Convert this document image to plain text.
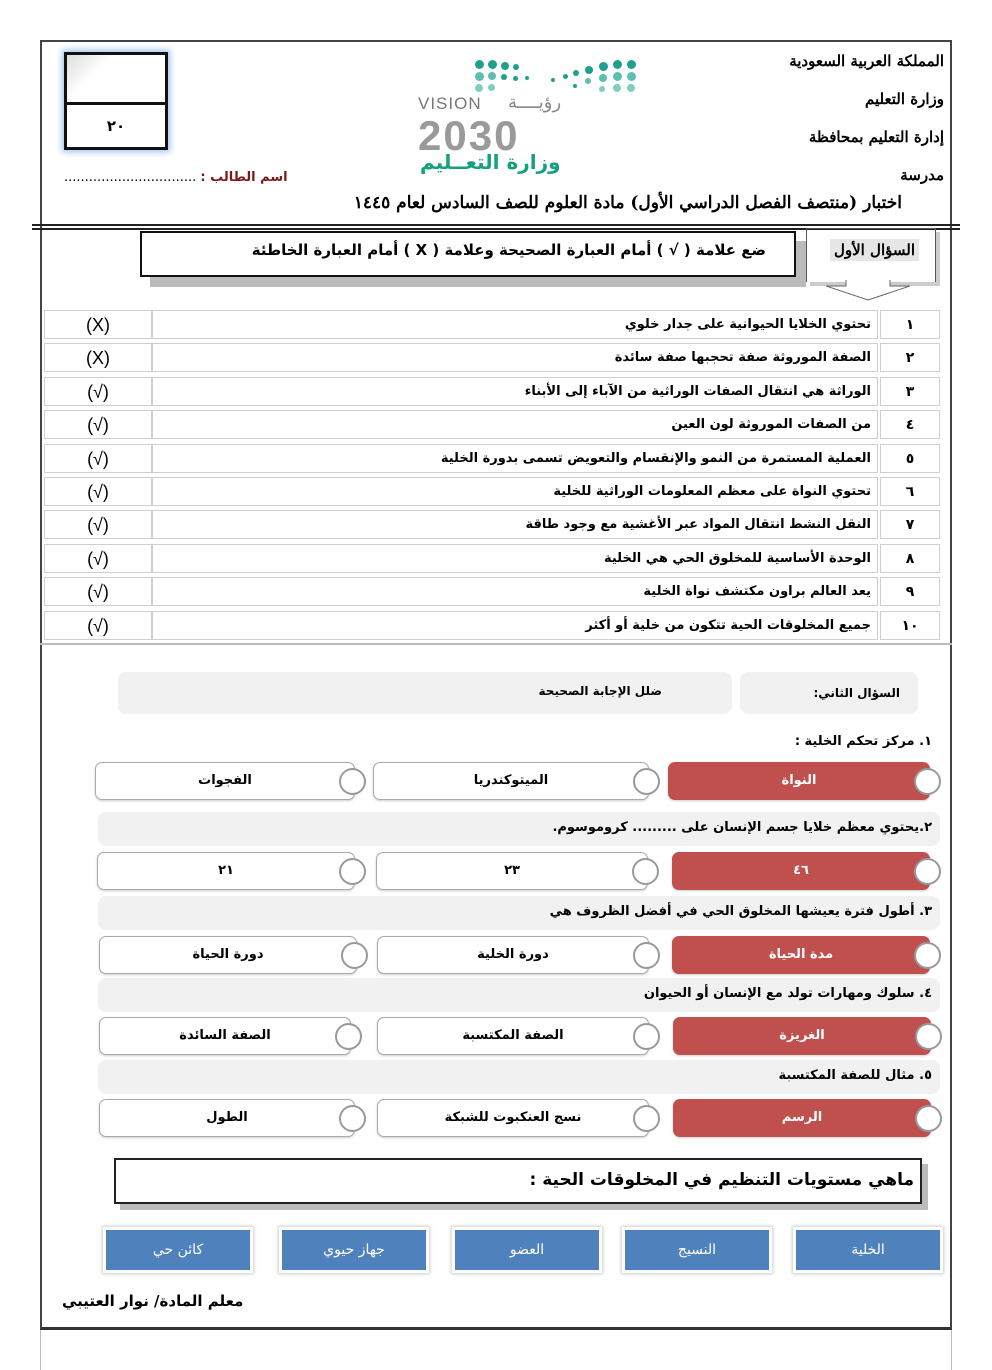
المملكة العربية السعودية
وزارة التعليم
إدارة التعليم بمحافظة
مدرسة
٢٠
VISION رؤيــــة
2030
وزارة التعــليم
اسم الطالب : ................................
اختبار (منتصف الفصل الدراسي الأول) مادة العلوم للصف السادس لعام ١٤٤٥
ضع علامة ( √ ) أمام العبارة الصحيحة وعلامة ( X ) أمام العبارة الخاطئة	السؤال الأول
(X)	تحتوي الخلايا الحيوانية على جدار خلوي	١
(X)	الصفة الموروثة صفة تحجبها صفة سائدة	٢
(√)	الوراثة هي انتقال الصفات الوراثية من الآباء إلى الأبناء	٣
(√)	من الصفات الموروثة لون العين	٤
(√)	العملية المستمرة من النمو والإنقسام والتعويض تسمى بدورة الخلية	٥
(√)	تحتوي النواة على معظم المعلومات الوراثية للخلية	٦
(√)	النقل النشط انتقال المواد عبر الأغشية مع وجود طاقة	٧
(√)	الوحدة الأساسية للمخلوق الحي هي الخلية	٨
(√)	يعد العالم براون مكتشف نواة الخلية	٩
(√)	جميع المخلوقات الحية تتكون من خلية أو أكثر	١٠
ضلل الإجابة الصحيحة	السؤال الثاني:
١. مركز تحكم الخلية :
النواة
الميتوكندريا
الفجوات
٢.يحتوي معظم خلايا جسم الإنسان على ......... كروموسوم.
٤٦
٢٣
٢١
٣. أطول فترة يعيشها المخلوق الحي في أفضل الظروف هي
مدة الحياة
دورة الخلية
دورة الحياة
٤. سلوك ومهارات تولد مع الإنسان أو الحيوان
الغريزة
الصفة المكتسبة
الصفة السائدة
٥. مثال للصفة المكتسبة
الرسم
نسج العنكبوت للشبكة
الطول
ماهي مستويات التنظيم في المخلوقات الحية :
الخلية
النسيج
العضو
جهاز حيوي
كائن حي
معلم المادة/ نوار العتيبي
